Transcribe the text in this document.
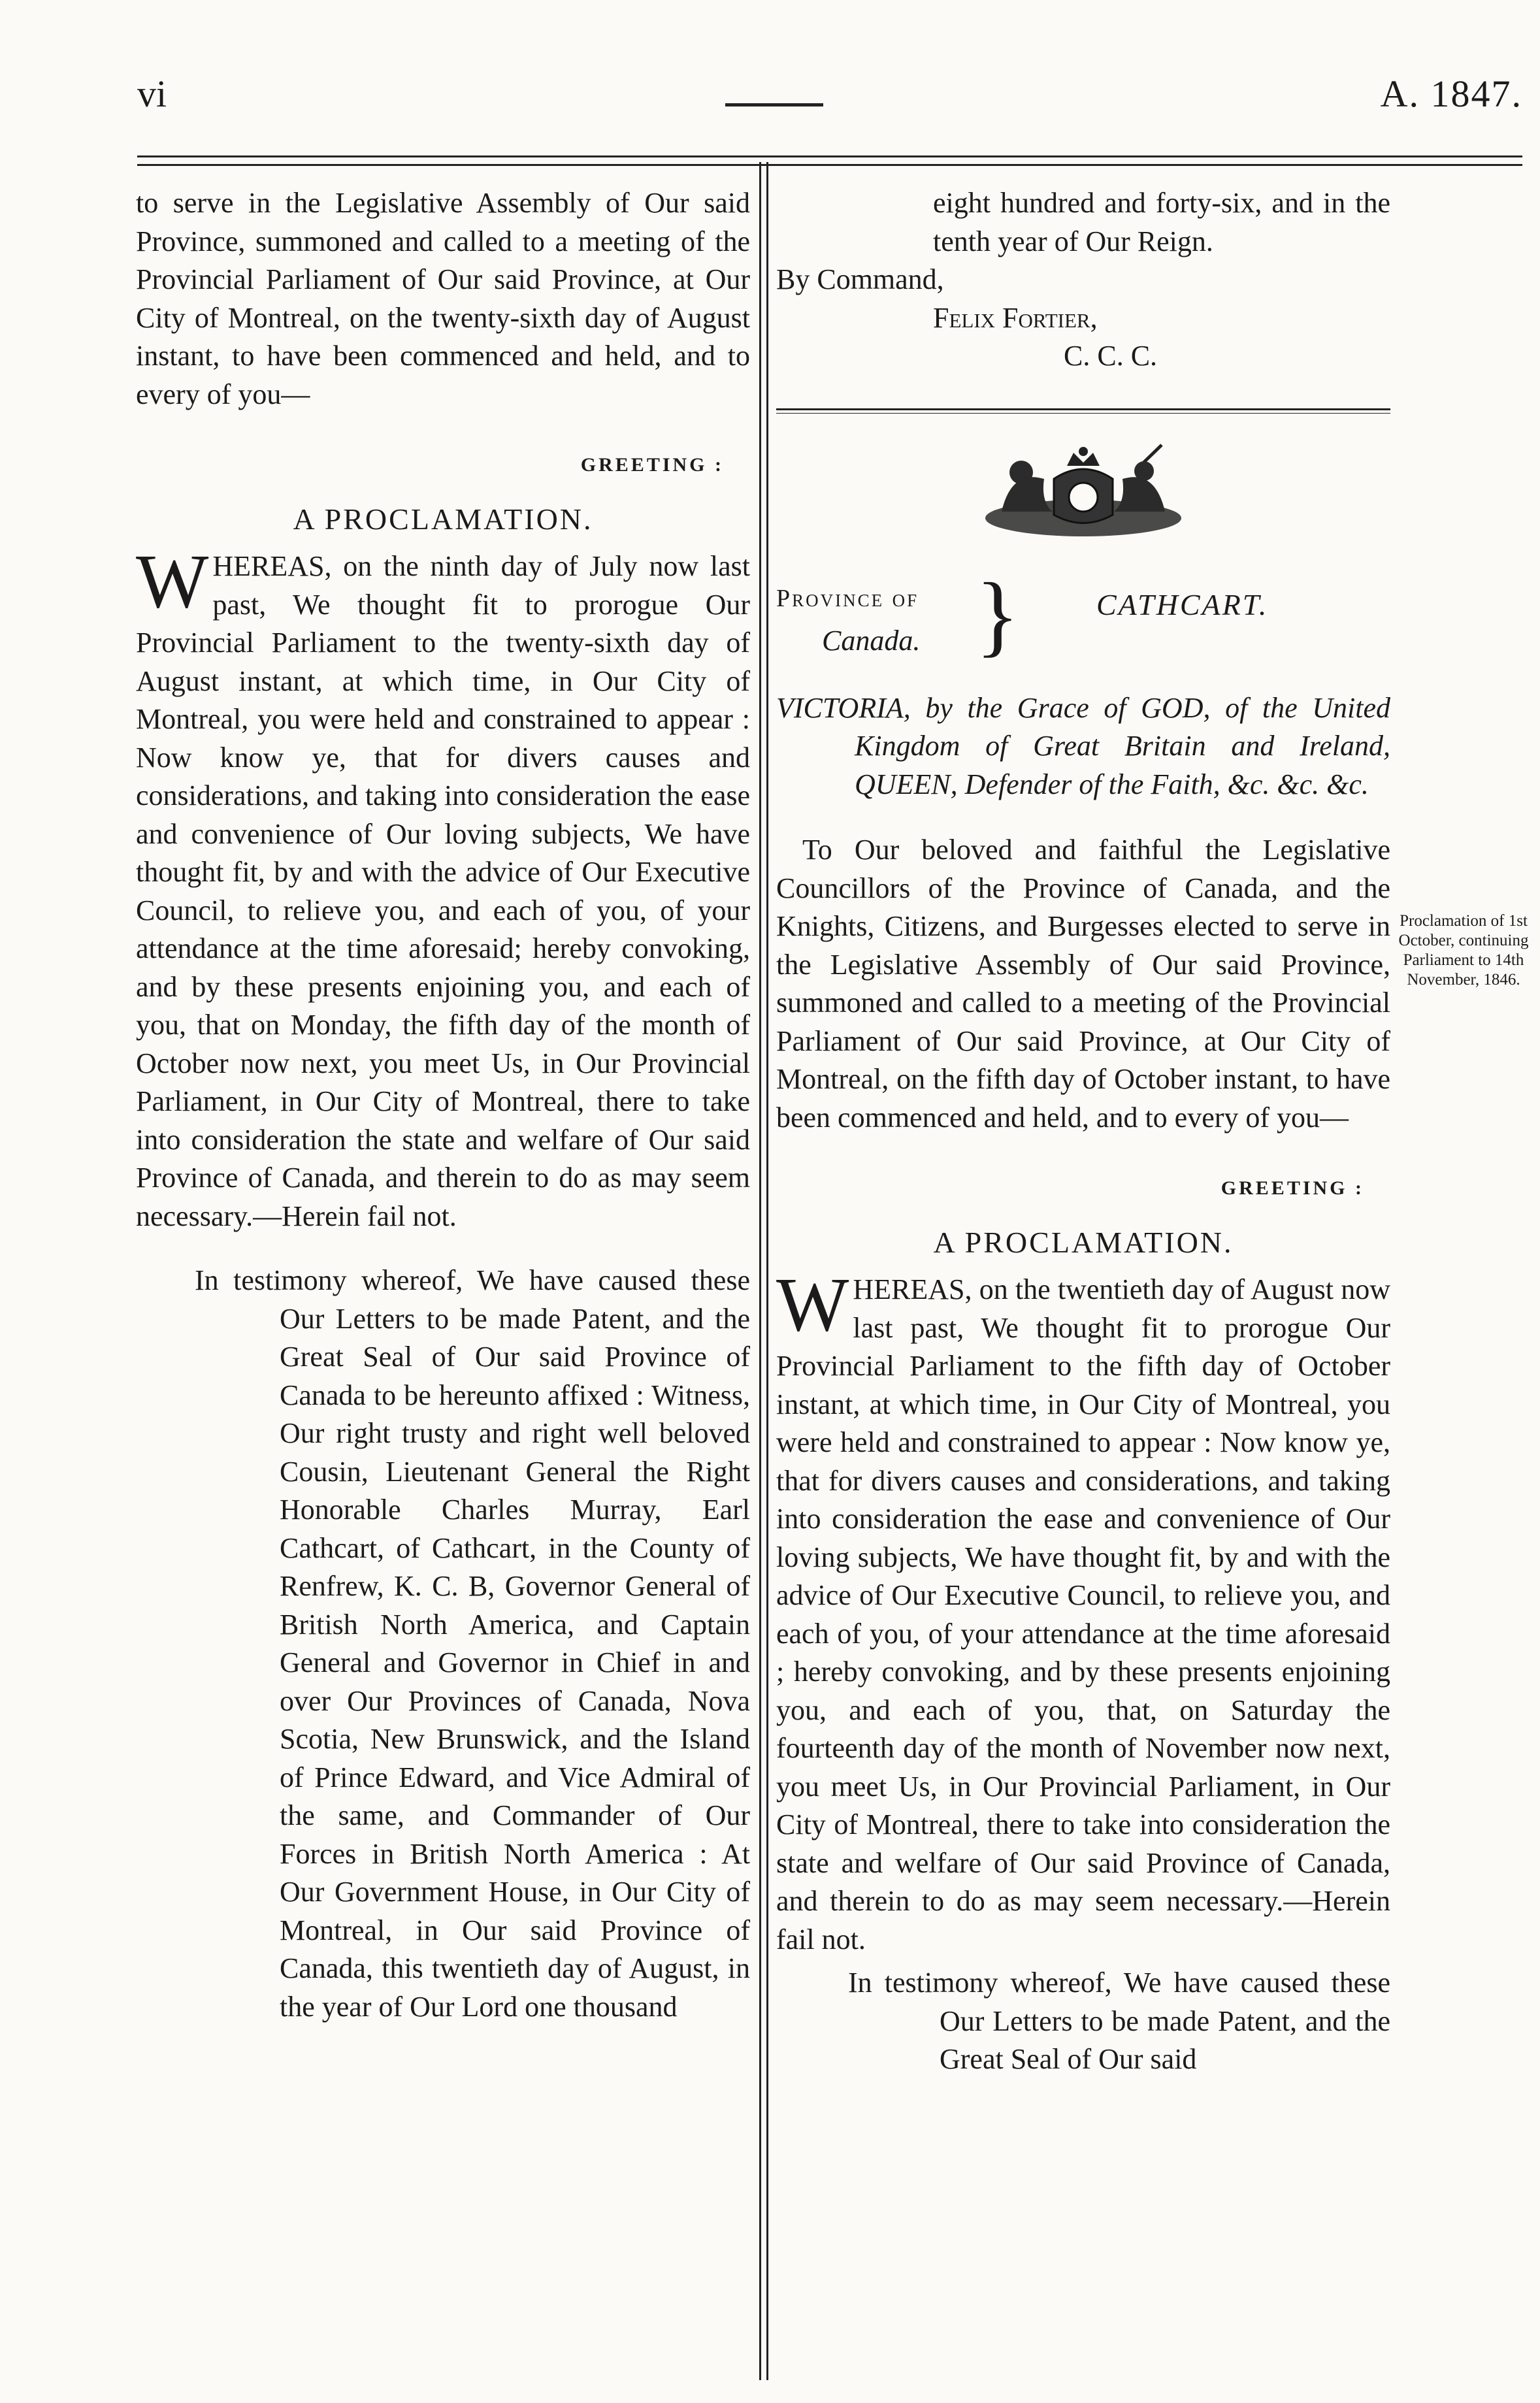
vi	A. 1847.

to serve in the Legislative Assembly of Our said Province, summoned and called to a meeting of the Provincial Parliament of Our said Province, at Our City of Montreal, on the twenty-sixth day of August instant, to have been commenced and held, and to every of you—

GREETING :

A PROCLAMATION.

WHEREAS, on the ninth day of July now last past, We thought fit to prorogue Our Provincial Parliament to the twenty-sixth day of August instant, at which time, in Our City of Montreal, you were held and constrained to appear : Now know ye, that for divers causes and considerations, and taking into consideration the ease and convenience of Our loving subjects, We have thought fit, by and with the advice of Our Executive Council, to relieve you, and each of you, of your attendance at the time aforesaid; hereby convoking, and by these presents enjoining you, and each of you, that on Monday, the fifth day of the month of October now next, you meet Us, in Our Provincial Parliament, in Our City of Montreal, there to take into consideration the state and welfare of Our said Province of Canada, and therein to do as may seem necessary.—Herein fail not.

In testimony whereof, We have caused these Our Letters to be made Patent, and the Great Seal of Our said Province of Canada to be hereunto affixed : Witness, Our right trusty and right well beloved Cousin, Lieutenant General the Right Honorable Charles Murray, Earl Cathcart, of Cathcart, in the County of Renfrew, K. C. B, Governor General of British North America, and Captain General and Governor in Chief in and over Our Provinces of Canada, Nova Scotia, New Brunswick, and the Island of Prince Edward, and Vice Admiral of the same, and Commander of Our Forces in British North America : At Our Government House, in Our City of Montreal, in Our said Province of Canada, this twentieth day of August, in the year of Our Lord one thousand

eight hundred and forty-six, and in the tenth year of Our Reign.

By Command,

Felix Fortier,

C. C. C.

Province of
Canada. }	CATHCART.

VICTORIA, by the Grace of GOD, of the United Kingdom of Great Britain and Ireland, QUEEN, Defender of the Faith, &c. &c. &c.

To Our beloved and faithful the Legislative Councillors of the Province of Canada, and the Knights, Citizens, and Burgesses elected to serve in the Legislative Assembly of Our said Province, summoned and called to a meeting of the Provincial Parliament of Our said Province, at Our City of Montreal, on the fifth day of October instant, to have been commenced and held, and to every of you—

GREETING :

A PROCLAMATION.

WHEREAS, on the twentieth day of August now last past, We thought fit to prorogue Our Provincial Parliament to the fifth day of October instant, at which time, in Our City of Montreal, you were held and constrained to appear : Now know ye, that for divers causes and considerations, and taking into consideration the ease and convenience of Our loving subjects, We have thought fit, by and with the advice of Our Executive Council, to relieve you, and each of you, of your attendance at the time aforesaid ; hereby convoking, and by these presents enjoining you, and each of you, that, on Saturday the fourteenth day of the month of November now next, you meet Us, in Our Provincial Parliament, in Our City of Montreal, there to take into consideration the state and welfare of Our said Province of Canada, and therein to do as may seem necessary.—Herein fail not.

In testimony whereof, We have caused these Our Letters to be made Patent, and the Great Seal of Our said

Proclamation of 1st October, continuing Parliament to 14th November, 1846.
